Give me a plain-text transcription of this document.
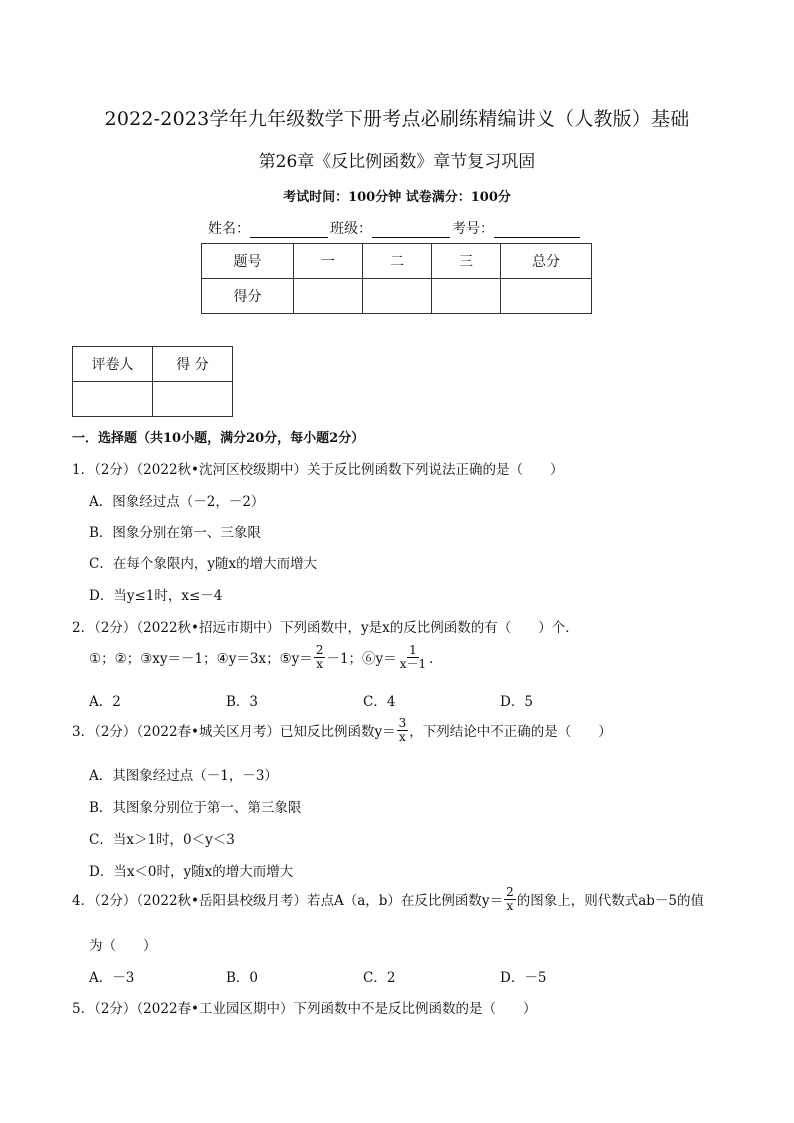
2022-2023学年九年级数学下册考点必刷练精编讲义（人教版）基础
第26章《反比例函数》章节复习巩固
考试时间：100分钟 试卷满分：100分
姓名：	班级：	考号：
题号	一	二	三	总分
得分				
评卷人	得 分

一．选择题（共10小题，满分20分，每小题2分）
1．（2分）（2022秋•沈河区校级期中）关于反比例函数下列说法正确的是（　　）
A．图象经过点（－2，－2）
B．图象分别在第一、三象限
C．在每个象限内，y随x的增大而增大
D．当y≤1时，x≤－4
2．（2分）（2022秋•招远市期中）下列函数中，y是x的反比例函数的有（　　）个．
①；②；③xy＝－1；④y＝3x；⑤ $y= \frac{2}{x} -1$；⑥ $y= \frac{1}{x-1}$ ．
A．2	B．3	C．4	D．5
3．（2分）（2022春•城关区月考）已知反比例函数$y= \frac{3}{x}$ ，下列结论中不正确的是（　　）
A．其图象经过点（－1，－3）
B．其图象分别位于第一、第三象限
C．当x＞1时，0＜y＜3
D．当x＜0时，y随x的增大而增大
4．（2分）（2022秋•岳阳县校级月考）若点A（a，b）在反比例函数$y= \frac{2}{x}$ 的图象上，则代数式ab－5的值
为（　　）
A．－3	B．0	C．2	D．－5
5．（2分）（2022春•工业园区期中）下列函数中不是反比例函数的是（　　）
